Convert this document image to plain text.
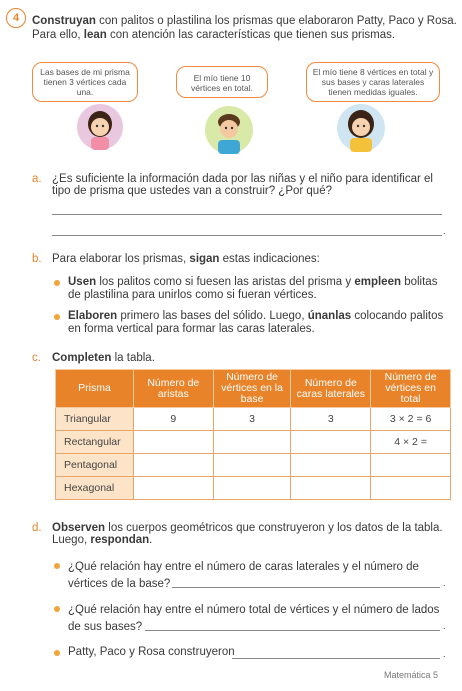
4	Construyan con palitos o plastilina los prismas que elaboraron Patty, Paco y Rosa.
Para ello, lean con atención las características que tienen sus prismas.
Las bases de mi prisma tienen 3 vértices cada una.
El mío tiene 10 vértices en total.
El mío tiene 8 vértices en total y sus bases y caras laterales tienen medidas iguales.
a. ¿Es suficiente la información dada por las niñas y el niño para identificar el tipo de prisma que ustedes van a construir? ¿Por qué?
.
b. Para elaborar los prismas, sigan estas indicaciones:
Usen los palitos como si fuesen las aristas del prisma y empleen bolitas de plastilina para unirlos como si fueran vértices.
Elaboren primero las bases del sólido. Luego, únanlas colocando palitos en forma vertical para formar las caras laterales.
c. Completen la tabla.
Prisma	Número de aristas	Número de vértices en la base	Número de caras laterales	Número de vértices en total
Triangular	9	3	3	3 × 2 = 6
Rectangular				4 × 2 =
Pentagonal				
Hexagonal				
d. Observen los cuerpos geométricos que construyeron y los datos de la tabla.
Luego, respondan.
¿Qué relación hay entre el número de caras laterales y el número de
vértices de la base?	.
¿Qué relación hay entre el número total de vértices y el número de lados
de sus bases?	.
Patty, Paco y Rosa construyeron	.
Matemática 5
